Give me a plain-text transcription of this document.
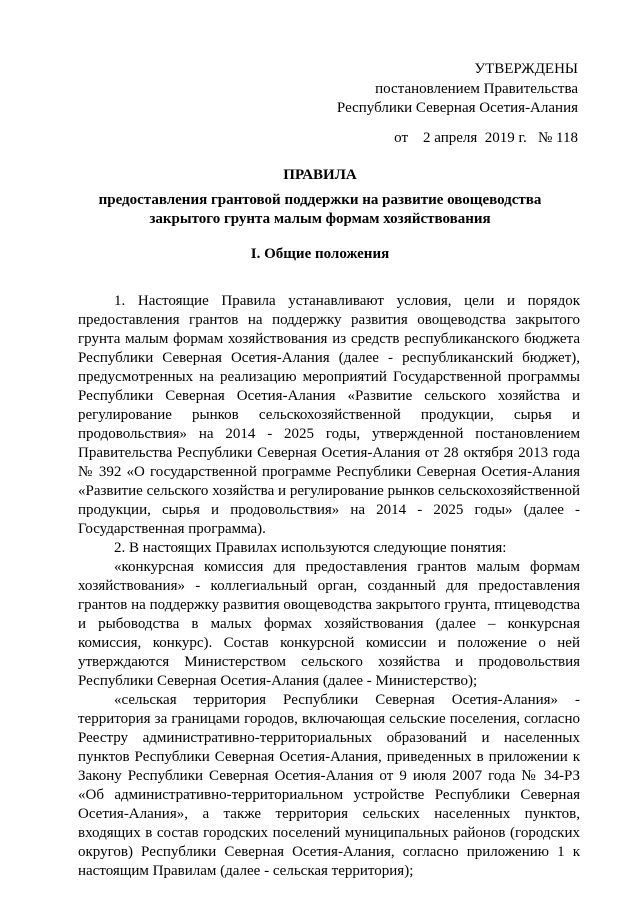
УТВЕРЖДЕНЫ
постановлением Правительства
Республики Северная Осетия-Алания
от    2 апреля  2019 г.   № 118
ПРАВИЛА
предоставления грантовой поддержки на развитие овощеводства
закрытого грунта малым формам хозяйствования
I. Общие положения

1. Настоящие Правила устанавливают условия, цели и порядок предоставления грантов на поддержку развития овощеводства закрытого грунта малым формам хозяйствования из средств республиканского бюджета Республики Северная Осетия-Алания (далее - республиканский бюджет), предусмотренных на реализацию мероприятий Государственной программы Республики Северная Осетия-Алания «Развитие сельского хозяйства и регулирование рынков сельскохозяйственной продукции, сырья и продовольствия» на 2014 - 2025 годы, утвержденной постановлением Правительства Республики Северная Осетия-Алания от 28 октября 2013 года № 392 «О государственной программе Республики Северная Осетия-Алания «Развитие сельского хозяйства и регулирование рынков сельскохозяйственной продукции, сырья и продовольствия» на 2014 - 2025 годы» (далее - Государственная программа).

2. В настоящих Правилах используются следующие понятия:

«конкурсная комиссия для предоставления грантов малым формам хозяйствования» - коллегиальный орган, созданный для предоставления грантов на поддержку развития овощеводства закрытого грунта, птицеводства и рыбоводства в малых формах хозяйствования (далее – конкурсная комиссия, конкурс). Состав конкурсной комиссии и положение о ней утверждаются Министерством сельского хозяйства и продовольствия Республики Северная Осетия-Алания (далее - Министерство);

«сельская территория Республики Северная Осетия-Алания» - территория за границами городов, включающая сельские поселения, согласно Реестру административно-территориальных образований и населенных пунктов Республики Северная Осетия-Алания, приведенных в приложении к Закону Республики Северная Осетия-Алания от 9 июля 2007 года № 34-РЗ «Об административно-территориальном устройстве Республики Северная Осетия-Алания», а также территория сельских населенных пунктов, входящих в состав городских поселений муниципальных районов (городских округов) Республики Северная Осетия-Алания, согласно приложению 1 к настоящим Правилам (далее - сельская территория);
